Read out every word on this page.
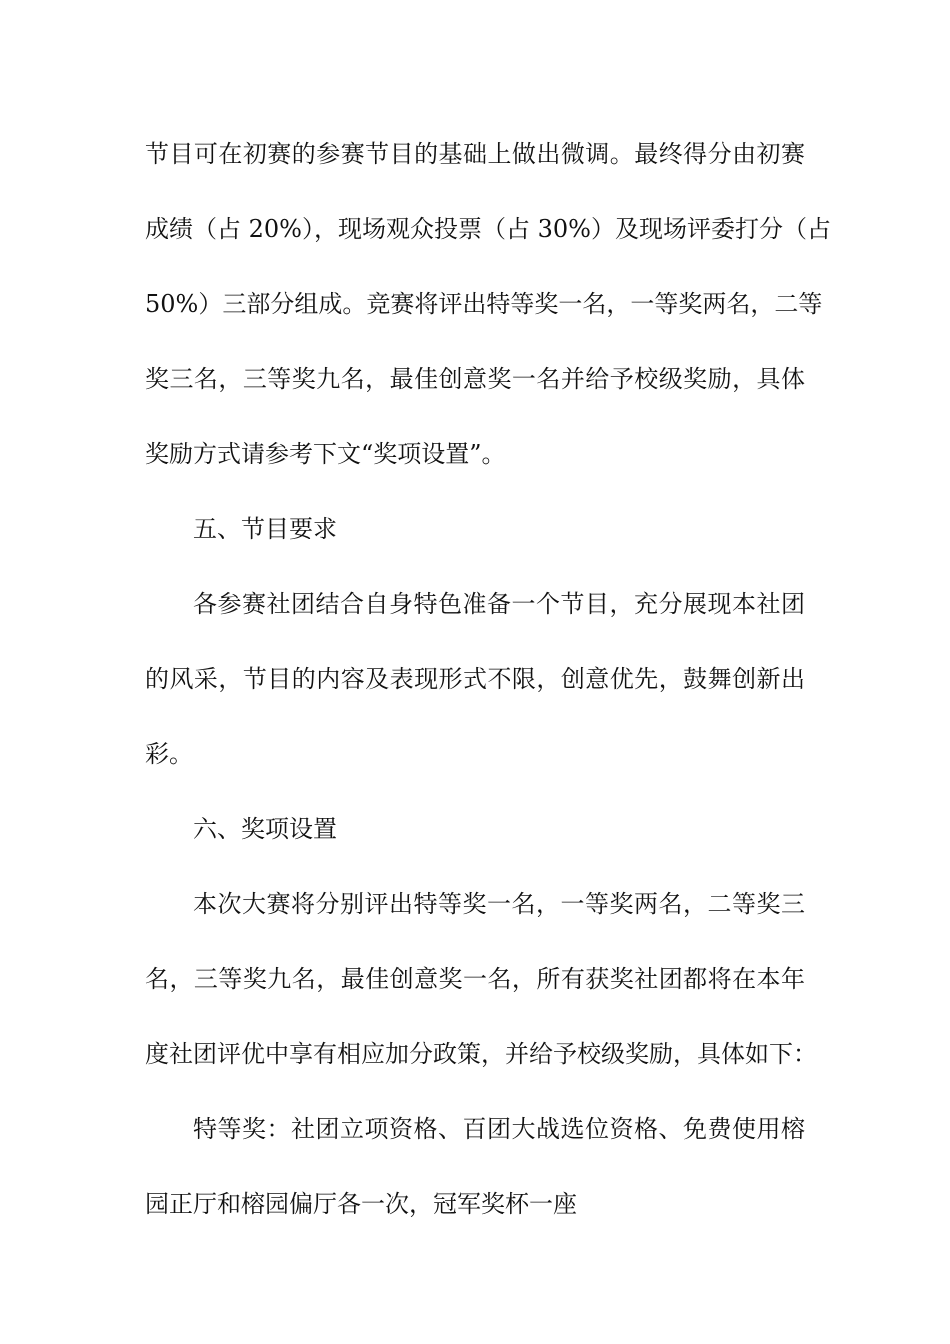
节目可在初赛的参赛节目的基础上做出微调。最终得分由初赛
成绩（占 20%），现场观众投票（占 30%）及现场评委打分（占
50%）三部分组成。竞赛将评出特等奖一名，一等奖两名，二等
奖三名，三等奖九名，最佳创意奖一名并给予校级奖励，具体
奖励方式请参考下文“奖项设置”。
五、节目要求
各参赛社团结合自身特色准备一个节目，充分展现本社团
的风采，节目的内容及表现形式不限，创意优先，鼓舞创新出
彩。
六、奖项设置
本次大赛将分别评出特等奖一名，一等奖两名，二等奖三
名，三等奖九名，最佳创意奖一名，所有获奖社团都将在本年
度社团评优中享有相应加分政策，并给予校级奖励，具体如下：
特等奖：社团立项资格、百团大战选位资格、免费使用榕
园正厅和榕园偏厅各一次，冠军奖杯一座
